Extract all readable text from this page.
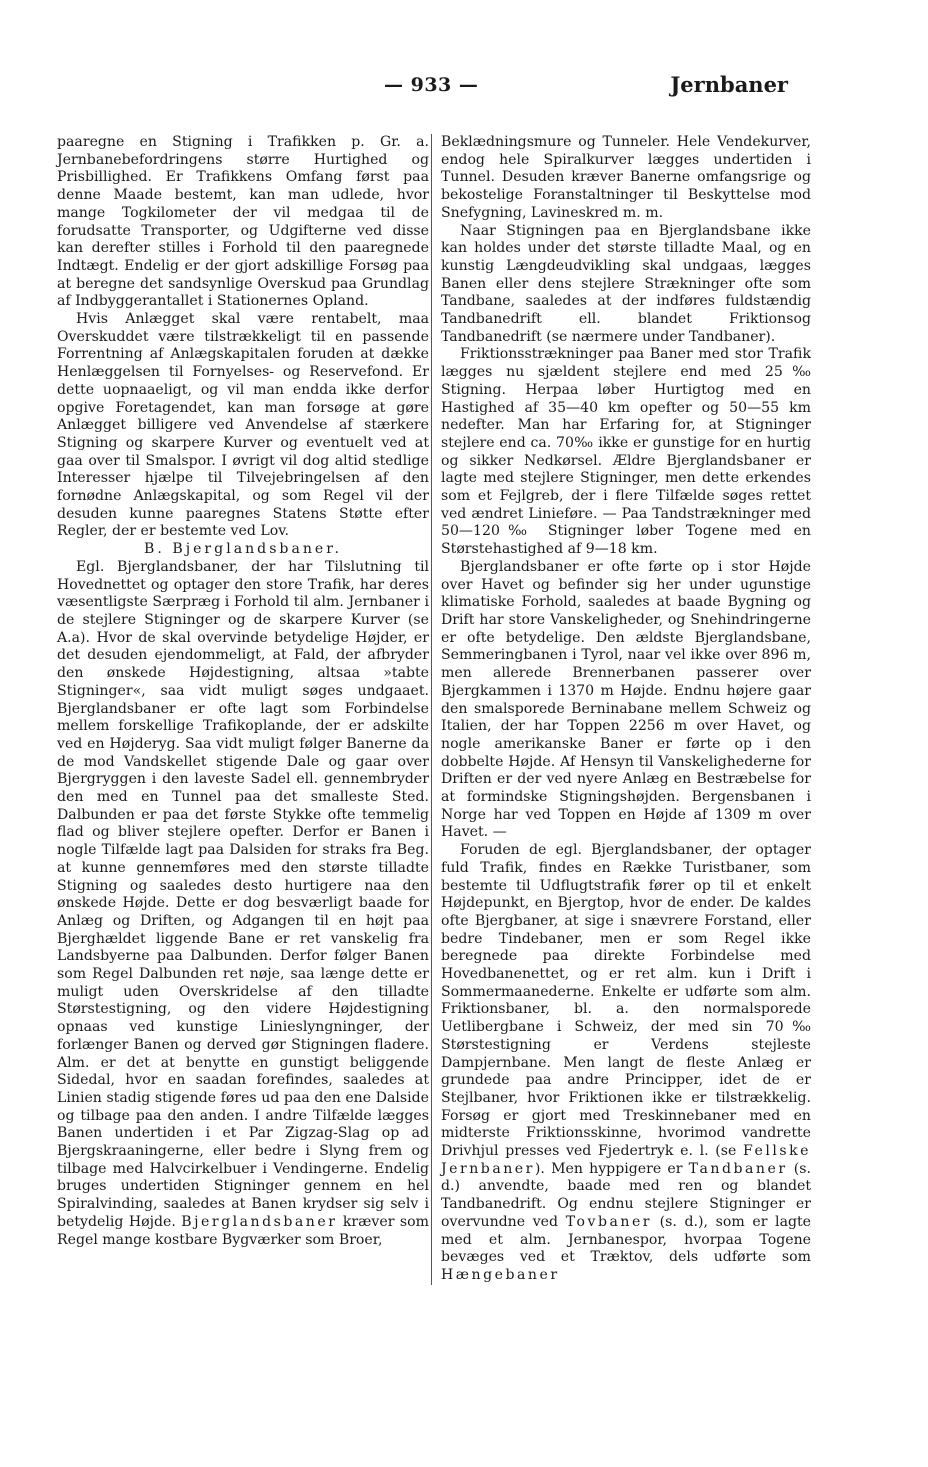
— 933 —	Jernbaner

paaregne en Stigning i Trafikken p. Gr. a. Jernbanebefordringens større Hurtighed og Prisbillighed. Er Trafikkens Omfang først paa denne Maade bestemt, kan man udlede, hvor mange Togkilometer der vil medgaa til de forudsatte Transporter, og Udgifterne ved disse kan derefter stilles i Forhold til den paaregnede Indtægt. Endelig er der gjort adskillige Forsøg paa at beregne det sandsynlige Overskud paa Grundlag af Indbyggerantallet i Stationernes Opland.

Hvis Anlægget skal være rentabelt, maa Overskuddet være tilstrækkeligt til en passende Forrentning af Anlægskapitalen foruden at dække Henlæggelsen til Fornyelses- og Reservefond. Er dette uopnaaeligt, og vil man endda ikke derfor opgive Foretagendet, kan man forsøge at gøre Anlægget billigere ved Anvendelse af stærkere Stigning og skarpere Kurver og eventuelt ved at gaa over til Smalspor. I øvrigt vil dog altid stedlige Interesser hjælpe til Tilvejebringelsen af den fornødne Anlægskapital, og som Regel vil der desuden kunne paaregnes Statens Støtte efter Regler, der er bestemte ved Lov.

B. Bjerglandsbaner.

Egl. Bjerglandsbaner, der har Tilslutning til Hovednettet og optager den store Trafik, har deres væsentligste Særpræg i Forhold til alm. Jernbaner i de stejlere Stigninger og de skarpere Kurver (se A.a). Hvor de skal overvinde betydelige Højder, er det desuden ejendommeligt, at Fald, der afbryder den ønskede Højdestigning, altsaa »tabte Stigninger«, saa vidt muligt søges undgaaet. Bjerglandsbaner er ofte lagt som Forbindelse mellem forskellige Trafikoplande, der er adskilte ved en Højderyg. Saa vidt muligt følger Banerne da de mod Vandskellet stigende Dale og gaar over Bjergryggen i den laveste Sadel ell. gennembryder den med en Tunnel paa det smalleste Sted. Dalbunden er paa det første Stykke ofte temmelig flad og bliver stejlere opefter. Derfor er Banen i nogle Tilfælde lagt paa Dalsiden for straks fra Beg. at kunne gennemføres med den største tilladte Stigning og saaledes desto hurtigere naa den ønskede Højde. Dette er dog besværligt baade for Anlæg og Driften, og Adgangen til en højt paa Bjerghældet liggende Bane er ret vanskelig fra Landsbyerne paa Dalbunden. Derfor følger Banen som Regel Dalbunden ret nøje, saa længe dette er muligt uden Overskridelse af den tilladte Størstestigning, og den videre Højdestigning opnaas ved kunstige Linieslyngninger, der forlænger Banen og derved gør Stigningen fladere. Alm. er det at benytte en gunstigt beliggende Sidedal, hvor en saadan forefindes, saaledes at Linien stadig stigende føres ud paa den ene Dalside og tilbage paa den anden. I andre Tilfælde lægges Banen undertiden i et Par Zigzag-Slag op ad Bjergskraaningerne, eller bedre i Slyng frem og tilbage med Halvcirkelbuer i Vendingerne. Endelig bruges undertiden Stigninger gennem en hel Spiralvinding, saaledes at Banen krydser sig selv i betydelig Højde. Bjerglandsbaner kræver som Regel mange kostbare Bygværker som Broer,

Beklædningsmure og Tunneler. Hele Vendekurver, endog hele Spiralkurver lægges undertiden i Tunnel. Desuden kræver Banerne omfangsrige og bekostelige Foranstaltninger til Beskyttelse mod Snefygning, Lavineskred m. m.

Naar Stigningen paa en Bjerglandsbane ikke kan holdes under det største tilladte Maal, og en kunstig Længdeudvikling skal undgaas, lægges Banen eller dens stejlere Strækninger ofte som Tandbane, saaledes at der indføres fuldstændig Tandbanedrift ell. blandet Friktionsog Tandbanedrift (se nærmere under Tandbaner).

Friktionsstrækninger paa Baner med stor Trafik lægges nu sjældent stejlere end med 25‰ Stigning. Herpaa løber Hurtigtog med en Hastighed af 35—40 km opefter og 50—55 km nedefter. Man har Erfaring for, at Stigninger stejlere end ca. 70‰ ikke er gunstige for en hurtig og sikker Nedkørsel. Ældre Bjerglandsbaner er lagte med stejlere Stigninger, men dette erkendes som et Fejlgreb, der i flere Tilfælde søges rettet ved ændret Linieføre. — Paa Tandstrækninger med 50—120‰ Stigninger løber Togene med en Størstehastighed af 9—18 km.

Bjerglandsbaner er ofte førte op i stor Højde over Havet og befinder sig her under ugunstige klimatiske Forhold, saaledes at baade Bygning og Drift har store Vanskeligheder, og Snehindringerne er ofte betydelige. Den ældste Bjerglandsbane, Semmeringbanen i Tyrol, naar vel ikke over 896 m, men allerede Brennerbanen passerer over Bjergkammen i 1370 m Højde. Endnu højere gaar den smalsporede Berninabane mellem Schweiz og Italien, der har Toppen 2256 m over Havet, og nogle amerikanske Baner er førte op i den dobbelte Højde. Af Hensyn til Vanskelighederne for Driften er der ved nyere Anlæg en Bestræbelse for at formindske Stigningshøjden. Bergensbanen i Norge har ved Toppen en Højde af 1309 m over Havet. —

Foruden de egl. Bjerglandsbaner, der optager fuld Trafik, findes en Række Turistbaner, som bestemte til Udflugtstrafik fører op til et enkelt Højdepunkt, en Bjergtop, hvor de ender. De kaldes ofte Bjergbaner, at sige i snævrere Forstand, eller bedre Tindebaner, men er som Regel ikke beregnede paa direkte Forbindelse med Hovedbanenettet, og er ret alm. kun i Drift i Sommermaanederne. Enkelte er udførte som alm. Friktionsbaner, bl. a. den normalsporede Uetlibergbane i Schweiz, der med sin 70‰ Størstestigning er Verdens stejleste Dampjernbane. Men langt de fleste Anlæg er grundede paa andre Principper, idet de er Stejlbaner, hvor Friktionen ikke er tilstrækkelig. Forsøg er gjort med Treskinnebaner med en midterste Friktionsskinne, hvorimod vandrette Drivhjul presses ved Fjedertryk e. l. (se Fellske Jernbaner). Men hyppigere er Tandbaner (s. d.) anvendte, baade med ren og blandet Tandbanedrift. Og endnu stejlere Stigninger er overvundne ved Tovbaner (s. d.), som er lagte med et alm. Jernbanespor, hvorpaa Togene bevæges ved et Træktov, dels udførte som Hængebaner
